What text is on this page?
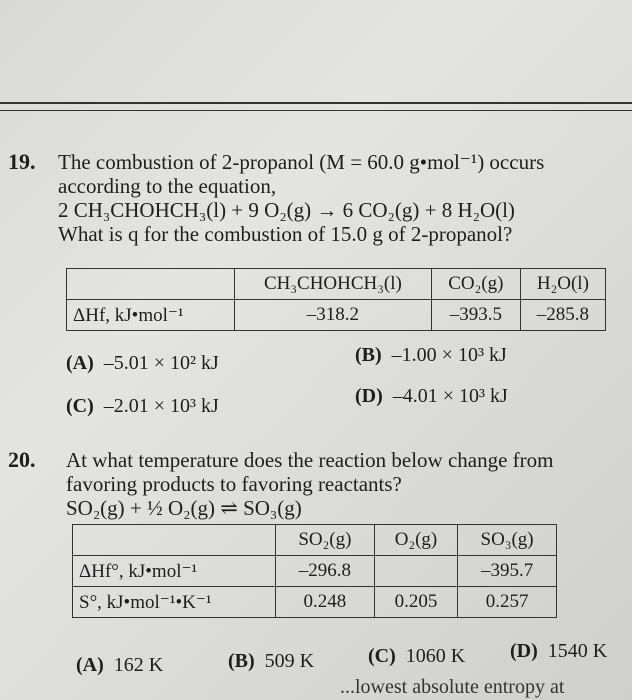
19. The combustion of 2-propanol (M = 60.0 g•mol⁻¹) occurs
according to the equation,
2 CH₃CHOHCH₃(l) + 9 O₂(g) → 6 CO₂(g) + 8 H₂O(l)
What is q for the combustion of 15.0 g of 2-propanol?
	CH₃CHOHCH₃(l)	CO₂(g)	H₂O(l)
ΔHf, kJ•mol⁻¹	–318.2	–393.5	–285.8
(A) –5.01 × 10² kJ	(B) –1.00 × 10³ kJ
(C) –2.01 × 10³ kJ	(D) –4.01 × 10³ kJ
20. At what temperature does the reaction below change from
favoring products to favoring reactants?
SO₂(g) + ½ O₂(g) ⇌ SO₃(g)
	SO₂(g)	O₂(g)	SO₃(g)
ΔHf°, kJ•mol⁻¹	–296.8		–395.7
S°, kJ•mol⁻¹•K⁻¹	0.248	0.205	0.257
(A) 162 K	(B) 509 K	(C) 1060 K (D) 1540 K
...lowest absolute entropy at
